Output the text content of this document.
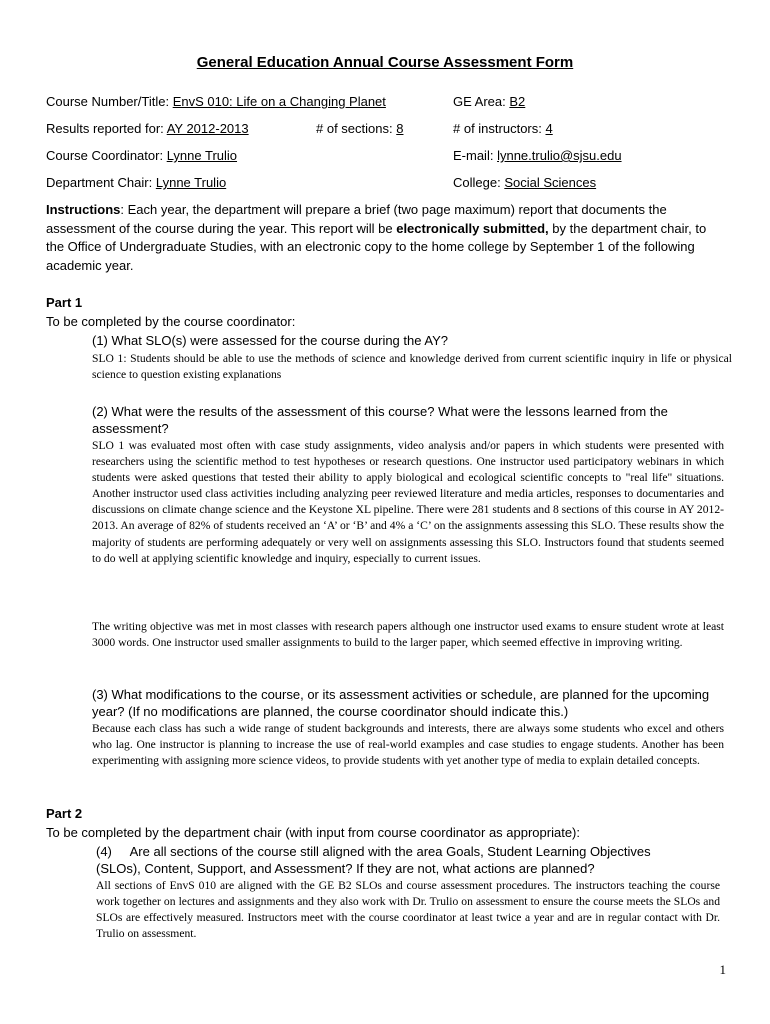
General Education Annual Course Assessment Form
Course Number/Title: EnvS 010: Life on a Changing Planet	GE Area: B2
Results reported for: AY 2012-2013	# of sections: 8	# of instructors: 4
Course Coordinator: Lynne Trulio	E-mail: lynne.trulio@sjsu.edu
Department Chair: Lynne Trulio	College: Social Sciences
Instructions: Each year, the department will prepare a brief (two page maximum) report that documents the assessment of the course during the year. This report will be electronically submitted, by the department chair, to the Office of Undergraduate Studies, with an electronic copy to the home college by September 1 of the following academic year.
Part 1
To be completed by the course coordinator:
(1) What SLO(s) were assessed for the course during the AY?
SLO 1: Students should be able to use the methods of science and knowledge derived from current scientific inquiry in life or physical science to question existing explanations
(2) What were the results of the assessment of this course? What were the lessons learned from the assessment?
SLO 1 was evaluated most often with case study assignments, video analysis and/or papers in which students were presented with researchers using the scientific method to test hypotheses or research questions. One instructor used participatory webinars in which students were asked questions that tested their ability to apply biological and ecological scientific concepts to "real life" situations. Another instructor used class activities including analyzing peer reviewed literature and media articles, responses to documentaries and discussions on climate change science and the Keystone XL pipeline. There were 281 students and 8 sections of this course in AY 2012-2013. An average of 82% of students received an ‘A’ or ‘B’ and 4% a ‘C’ on the assignments assessing this SLO. These results show the majority of students are performing adequately or very well on assignments assessing this SLO. Instructors found that students seemed to do well at applying scientific knowledge and inquiry, especially to current issues.
The writing objective was met in most classes with research papers although one instructor used exams to ensure student wrote at least 3000 words. One instructor used smaller assignments to build to the larger paper, which seemed effective in improving writing.
(3) What modifications to the course, or its assessment activities or schedule, are planned for the upcoming year? (If no modifications are planned, the course coordinator should indicate this.)
Because each class has such a wide range of student backgrounds and interests, there are always some students who excel and others who lag. One instructor is planning to increase the use of real-world examples and case studies to engage students. Another has been experimenting with assigning more science videos, to provide students with yet another type of media to explain detailed concepts.
Part 2
To be completed by the department chair (with input from course coordinator as appropriate):
(4) Are all sections of the course still aligned with the area Goals, Student Learning Objectives
(SLOs), Content, Support, and Assessment? If they are not, what actions are planned?
All sections of EnvS 010 are aligned with the GE B2 SLOs and course assessment procedures. The instructors teaching the course work together on lectures and assignments and they also work with Dr. Trulio on assessment to ensure the course meets the SLOs and SLOs are effectively measured. Instructors meet with the course coordinator at least twice a year and are in regular contact with Dr. Trulio on assessment.
1
